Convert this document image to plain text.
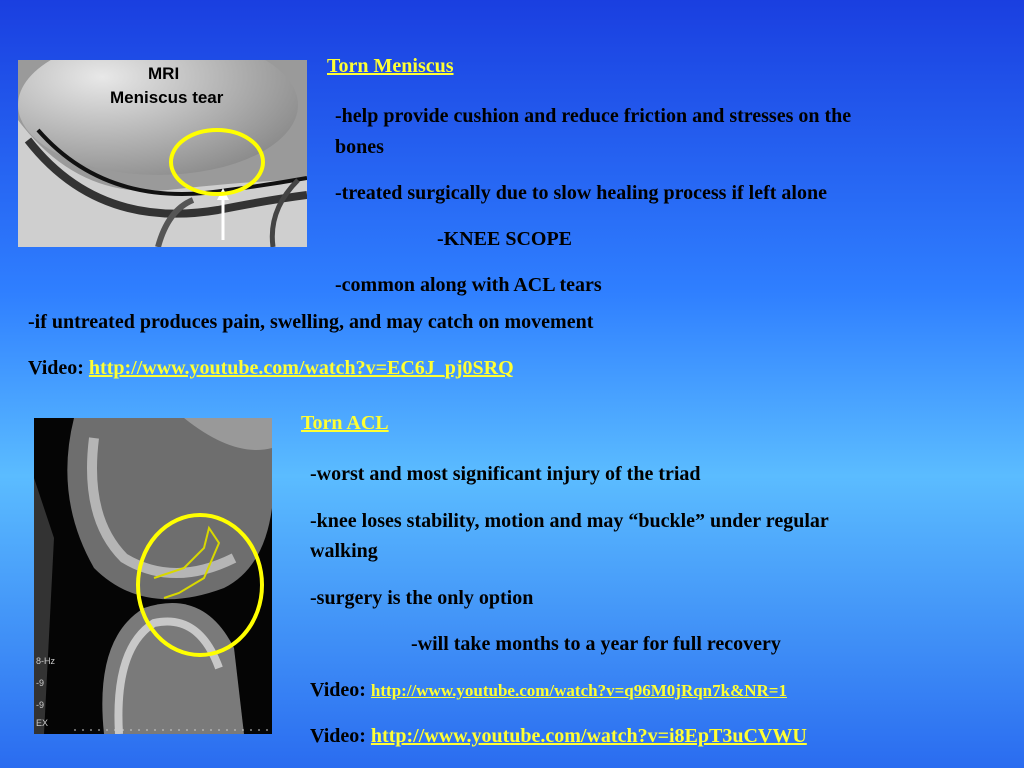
MRI
Meniscus tear
Torn Meniscus
-help provide cushion and reduce friction and stresses on the
bones
-treated surgically due to slow healing process if left alone
-KNEE SCOPE
-common along with ACL tears
-if untreated produces pain, swelling, and may catch on movement
Video: http://www.youtube.com/watch?v=EC6J_pj0SRQ
8-Hz
-9
-9
EX
Torn ACL
-worst and most significant injury of the triad
-knee loses stability, motion and may “buckle” under regular
walking
-surgery is the only option
-will take months to a year for full recovery
Video: http://www.youtube.com/watch?v=q96M0jRqn7k&NR=1
Video: http://www.youtube.com/watch?v=i8EpT3uCVWU
